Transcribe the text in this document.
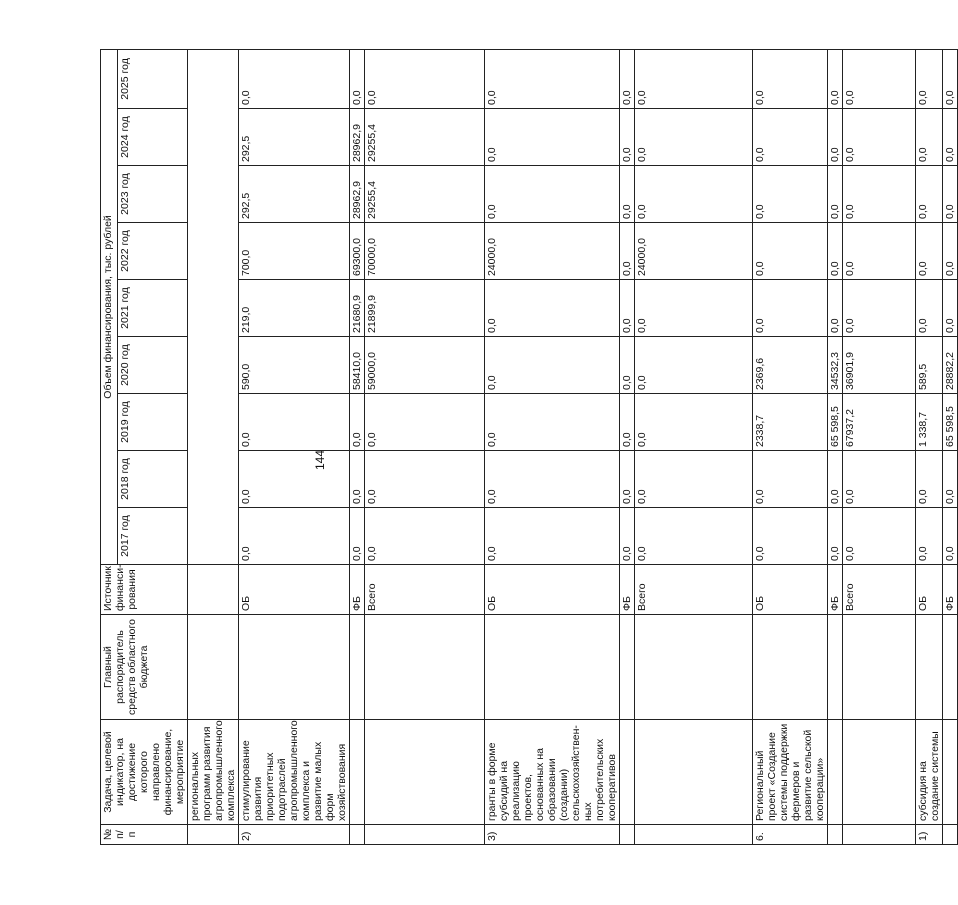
144
№ п/п	Задача, целевой индикатор, на достижение которого направлено финансирование, мероприятие	Главный распорядитель средств областного бюджета	Источник финанси-рования	Объем финансирования, тыс. рублей								
				2017 год	2018 год	2019 год	2020 год	2021 год	2022 год	2023 год	2024 год	2025 год
	региональных программ развития агропромышленного комплекса											
2)	стимулирование развития приоритетных подотраслей агропромышленного комплекса и развитие малых форм хозяйствования		ОБ	0,0	0,0	0,0	590,0	219,0	700,0	292,5	292,5	0,0
			ФБ	0,0	0,0	0,0	58410,0	21680,9	69300,0	28962,9	28962,9	0,0
			Всего	0,0	0,0	0,0	59000,0	21899,9	70000,0	29255,4	29255,4	0,0
3)	гранты в форме субсидий на реализацию проектов, основанных на образовании (создании) сельскохозяйствен-ных потребительских кооперативов		ОБ	0,0	0,0	0,0	0,0	0,0	24000,0	0,0	0,0	0,0
			ФБ	0,0	0,0	0,0	0,0	0,0	0,0	0,0	0,0	0,0
			Всего	0,0	0,0	0,0	0,0	0,0	24000,0	0,0	0,0	0,0
6.	Региональный проект «Создание системы поддержки фермеров и развитие сельской кооперации»		ОБ	0,0	0,0	2338,7	2369,6	0,0	0,0	0,0	0,0	0,0
			ФБ	0,0	0,0	65 598,5	34532,3	0,0	0,0	0,0	0,0	0,0
			Всего	0,0	0,0	67937,2	36901,9	0,0	0,0	0,0	0,0	0,0
1)	субсидия на создание системы		ОБ	0,0	0,0	1 338,7	589,5	0,0	0,0	0,0	0,0	0,0
			ФБ	0,0	0,0	65 598,5	28882,2	0,0	0,0	0,0	0,0	0,0
